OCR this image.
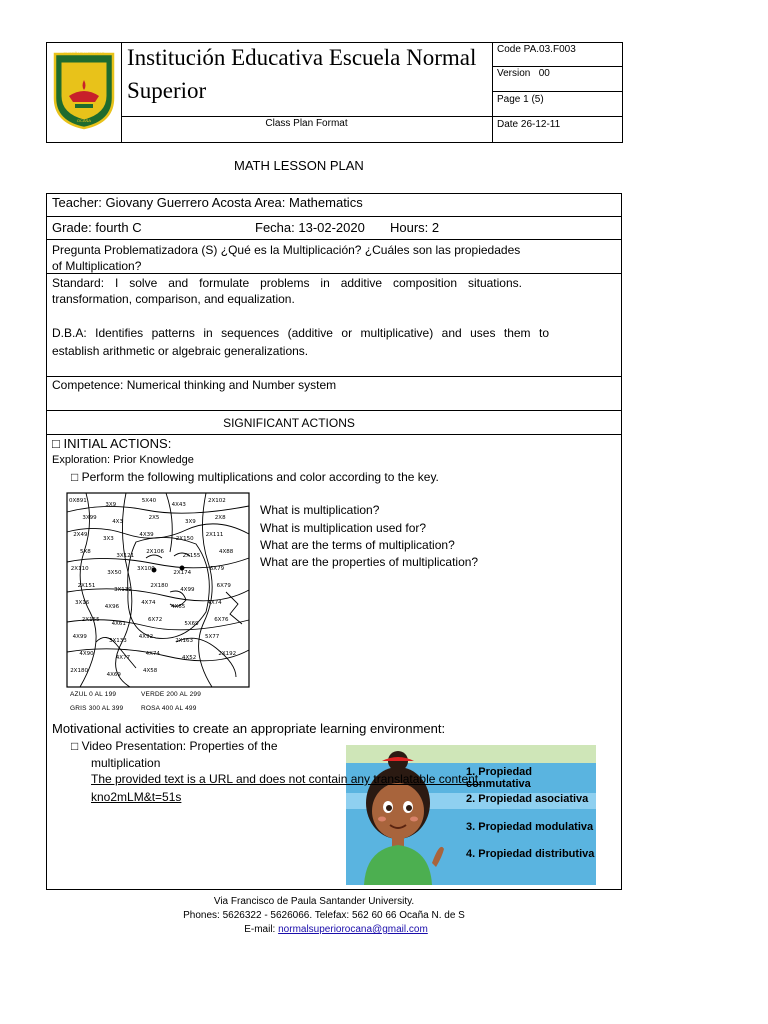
ENSEÑAR Y EDUCAR
OCAÑA
Institución Educativa Escuela Normal
Superior
Class Plan Format
Code PA.03.F003
Version   00
Page 1 (5)
Date 26-12-11
MATH LESSON PLAN
Teacher: Giovany Guerrero Acosta Area: Mathematics
Grade: fourth C	Fecha: 13-02-2020 Hours: 2
Pregunta Problematizadora (S) ¿Qué es la Multiplicación? ¿Cuáles son las propiedades
of Multiplication?
Standard: I solve and formulate problems in additive composition situations.
transformation, comparison, and equalization.
D.B.A: Identifies patterns in sequences (additive or multiplicative) and uses them to
establish arithmetic or algebraic generalizations.
Competence: Numerical thinking and Number system
SIGNIFICANT ACTIONS
□ INITIAL ACTIONS:
Exploration: Prior Knowledge
□ Perform the following multiplications and color according to the key.
0X891
3X9
5X40
4X43
2X102
3X99
4X3
2X5
3X9
2X8
2X49
3X3
4X39
2X150
2X111
5X8
3X121
2X106
2X155
4X88
2X110
3X50
3X100
2X174
6X79
2X151
3X139
2X180
4X99
6X79
3X16
4X96
4X74
4X65
4X74
2X155
4X61
6X72
5X69
6X76
4X99
3X133
4X92
2X163
5X77
4X90
4X77
4X74
4X52
2X192
2X180
4X69
4X58
AZUL 0 AL 199	VERDE 200 AL 299
GRIS 300 AL 399	ROSA 400 AL 499
What is multiplication?
What is multiplication used for?
What are the terms of multiplication?
What are the properties of multiplication?
Motivational activities to create an appropriate learning environment:
□ Video Presentation: Properties of the
multiplication
The provided text is a URL and does not contain any translatable content.
kno2mLM&t=51s
1. Propiedad conmutativa
2. Propiedad asociativa
3. Propiedad modulativa
4. Propiedad distributiva
Via Francisco de Paula Santander University.
Phones: 5626322 - 5626066. Telefax: 562 60 66 Ocaña N. de S
E-mail: normalsuperiorocana@gmail.com
